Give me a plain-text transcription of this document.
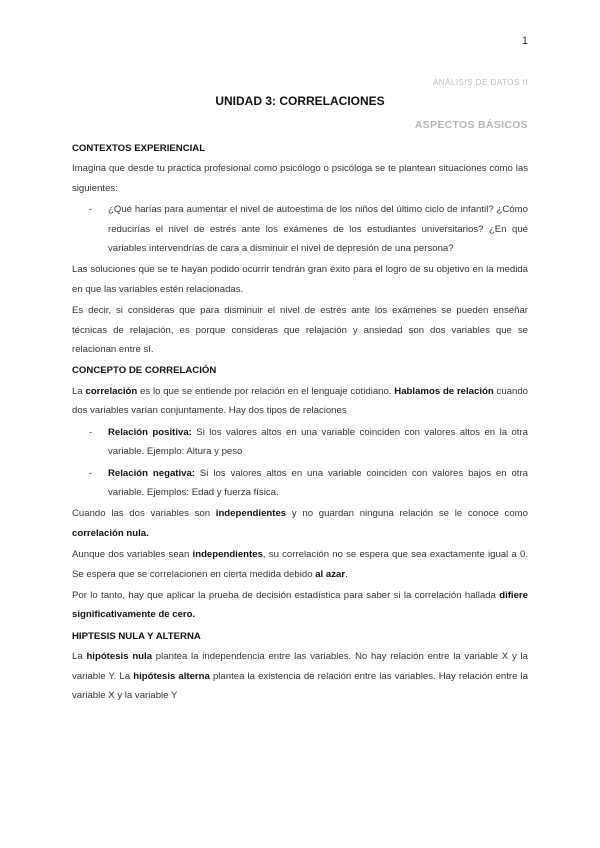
1
ANÁLISIS DE DATOS II
UNIDAD 3: CORRELACIONES
ASPECTOS BÁSICOS
CONTEXTOS EXPERIENCIAL

Imagina que desde tu práctica profesional como psicólogo o psicóloga se te plantean situaciones como las siguientes:

- ¿Qué harías para aumentar el nivel de autoestima de los niños del último ciclo de infantil? ¿Cómo reducirías el nivel de estrés ante los exámenes de los estudiantes universitarios? ¿En qué variables intervendrías de cara a disminuir el nivel de depresión de una persona?

Las soluciones que se te hayan podido ocurrir tendrán gran éxito para el logro de su objetivo en la medida en que las variables estén relacionadas.

Es decir, si consideras que para disminuir el nivel de estrés ante los exámenes se pueden enseñar técnicas de relajación, es porque consideras que relajación y ansiedad son dos variables que se relacionan entre sí.

CONCEPTO DE CORRELACIÓN

La correlación es lo que se entiende por relación en el lenguaje cotidiano. Hablamos de relación cuando dos variables varían conjuntamente. Hay dos tipos de relaciones

- Relación positiva: Si los valores altos en una variable coinciden con valores altos en la otra variable. Ejemplo: Altura y peso
- Relación negativa: Si los valores altos en una variable coinciden con valores bajos en otra variable. Ejemplos: Edad y fuerza física.

Cuando las dos variables son independientes y no guardan ninguna relación se le conoce como correlación nula.

Aunque dos variables sean independientes, su correlación no se espera que sea exactamente igual a 0. Se espera que se correlacionen en cierta medida debido al azar.

Por lo tanto, hay que aplicar la prueba de decisión estadística para saber si la correlación hallada difiere significativamente de cero.

HIPTESIS NULA Y ALTERNA

La hipótesis nula plantea la independencia entre las variables. No hay relación entre la variable X y la variable Y. La hipótesis alterna plantea la existencia de relación entre las variables. Hay relación entre la variable X y la variable Y
